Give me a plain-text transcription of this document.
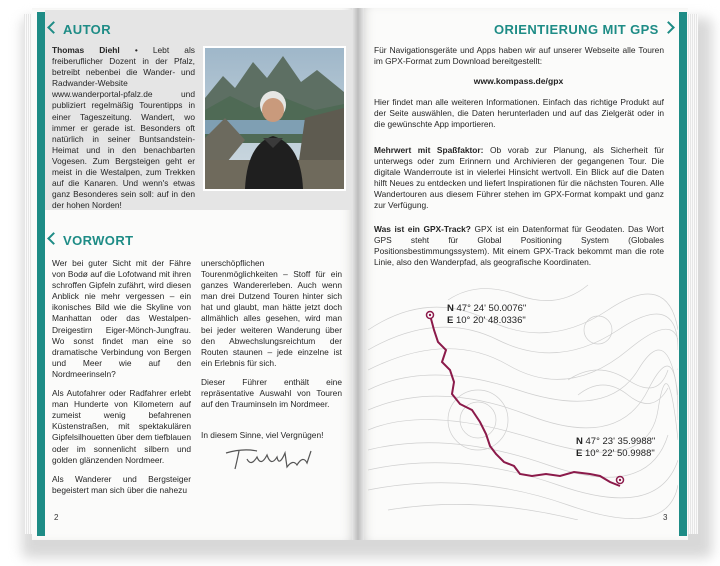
AUTOR
Thomas Diehl • Lebt als freiberuflicher Dozent in der Pfalz, betreibt nebenbei die Wander- und Radwander-Website www.wanderportal-pfalz.de und publiziert regelmäßig Tourentipps in einer Tageszeitung. Wandert, wo immer er gerade ist. Besonders oft natürlich in seiner Buntsandstein-Heimat und in den benachbarten Vogesen. Zum Bergsteigen geht er meist in die Westalpen, zum Trekken auf die Kanaren. Und wenn's etwas ganz Besonderes sein soll: auf in den der hohen Norden!
VORWORT

Wer bei guter Sicht mit der Fähre von Bodø auf die Lofotwand mit ihren schroffen Gipfeln zufährt, wird diesen Anblick nie mehr vergessen – ein ikonisches Bild wie die Skyline von Manhattan oder das Westalpen-Dreigestirn Eiger-Mönch-Jungfrau. Wo sonst findet man eine so dramatische Verbindung von Bergen und Meer wie auf den Nordmeerinseln?

Als Autofahrer oder Radfahrer erlebt man Hunderte von Kilometern auf zumeist wenig befahrenen Küstenstraßen, mit spektakulären Gipfelsilhouetten über dem tiefblauen oder im sonnenlicht silbern und golden glänzenden Nordmeer.

Als Wanderer und Bergsteiger begeistert man sich über die nahezu

unerschöpflichen Tourenmöglichkeiten – Stoff für ein ganzes Wandererleben. Auch wenn man drei Dutzend Touren hinter sich hat und glaubt, man hätte jetzt doch allmählich alles gesehen, wird man bei jeder weiteren Wanderung über den Abwechslungsreichtum der Routen staunen – jede einzelne ist ein Erlebnis für sich.

Dieser Führer enthält eine repräsentative Auswahl von Touren auf den Trauminseln im Nordmeer.

In diesem Sinne, viel Vergnügen!

2
ORIENTIERUNG MIT GPS
Für Navigationsgeräte und Apps haben wir auf unserer Webseite alle Touren im GPX-Format zum Download bereitgestellt:
www.kompass.de/gpx
Hier findet man alle weiteren Informationen. Einfach das richtige Produkt auf der Seite auswählen, die Daten herunterladen und auf das Zielgerät oder in die gewünschte App importieren.
Mehrwert mit Spaßfaktor: Ob vorab zur Planung, als Sicherheit für unterwegs oder zum Erinnern und Archivieren der gegangenen Tour. Die digitale Wanderroute ist in vielerlei Hinsicht wertvoll. Ein Blick auf die Daten hilft Neues zu entdecken und liefert Inspirationen für die nächsten Touren. Alle Wandertouren aus diesem Führer stehen im GPX-Format kompakt und ganz zur Verfügung.
Was ist ein GPX-Track? GPX ist ein Datenformat für Geodaten. Das Wort GPS steht für Global Positioning System (Globales Positionsbestimmungssystem). Mit einem GPX-Track bekommt man die rote Linie, also den Wanderpfad, als geografische Koordinaten.
N 47° 24' 50.0076"
E 10° 20' 48.0336"
N 47° 23' 35.9988"
E 10° 22' 50.9988"
3
